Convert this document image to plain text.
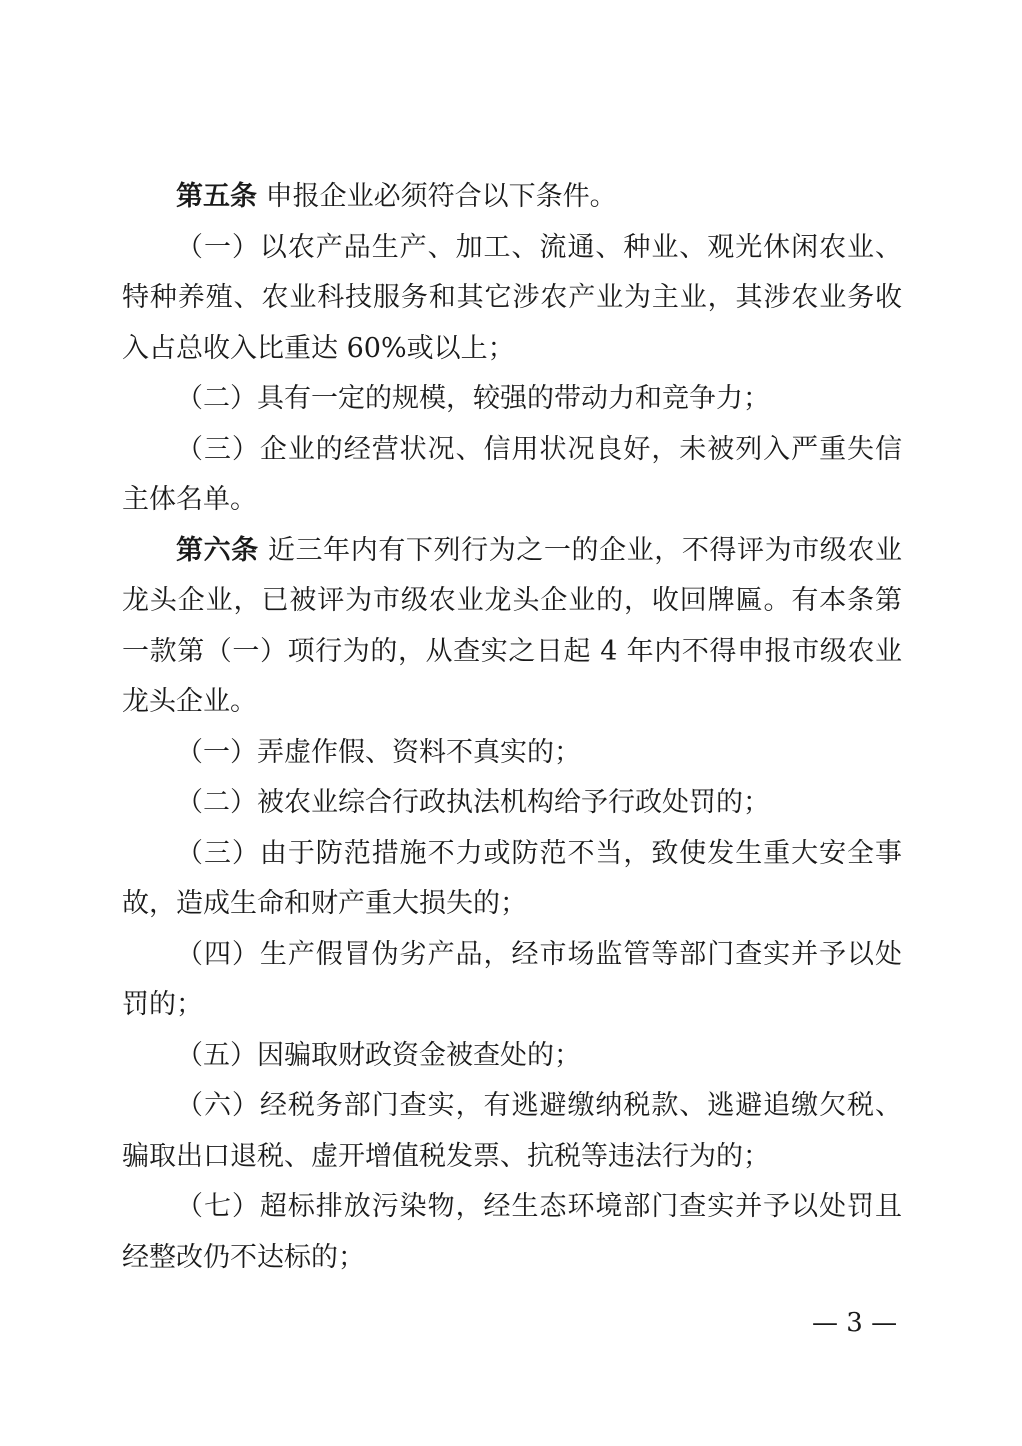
第五条 申报企业必须符合以下条件。

（一）以农产品生产、加工、流通、种业、观光休闲农业、特种养殖、农业科技服务和其它涉农产业为主业，其涉农业务收入占总收入比重达 60%或以上；

（二）具有一定的规模，较强的带动力和竞争力；

（三）企业的经营状况、信用状况良好，未被列入严重失信主体名单。

第六条 近三年内有下列行为之一的企业，不得评为市级农业龙头企业，已被评为市级农业龙头企业的，收回牌匾。有本条第一款第（一）项行为的，从查实之日起 4 年内不得申报市级农业龙头企业。

（一）弄虚作假、资料不真实的；

（二）被农业综合行政执法机构给予行政处罚的；

（三）由于防范措施不力或防范不当，致使发生重大安全事故，造成生命和财产重大损失的；

（四）生产假冒伪劣产品，经市场监管等部门查实并予以处罚的；

（五）因骗取财政资金被查处的；

（六）经税务部门查实，有逃避缴纳税款、逃避追缴欠税、骗取出口退税、虚开增值税发票、抗税等违法行为的；

（七）超标排放污染物，经生态环境部门查实并予以处罚且经整改仍不达标的；

— 3 —
